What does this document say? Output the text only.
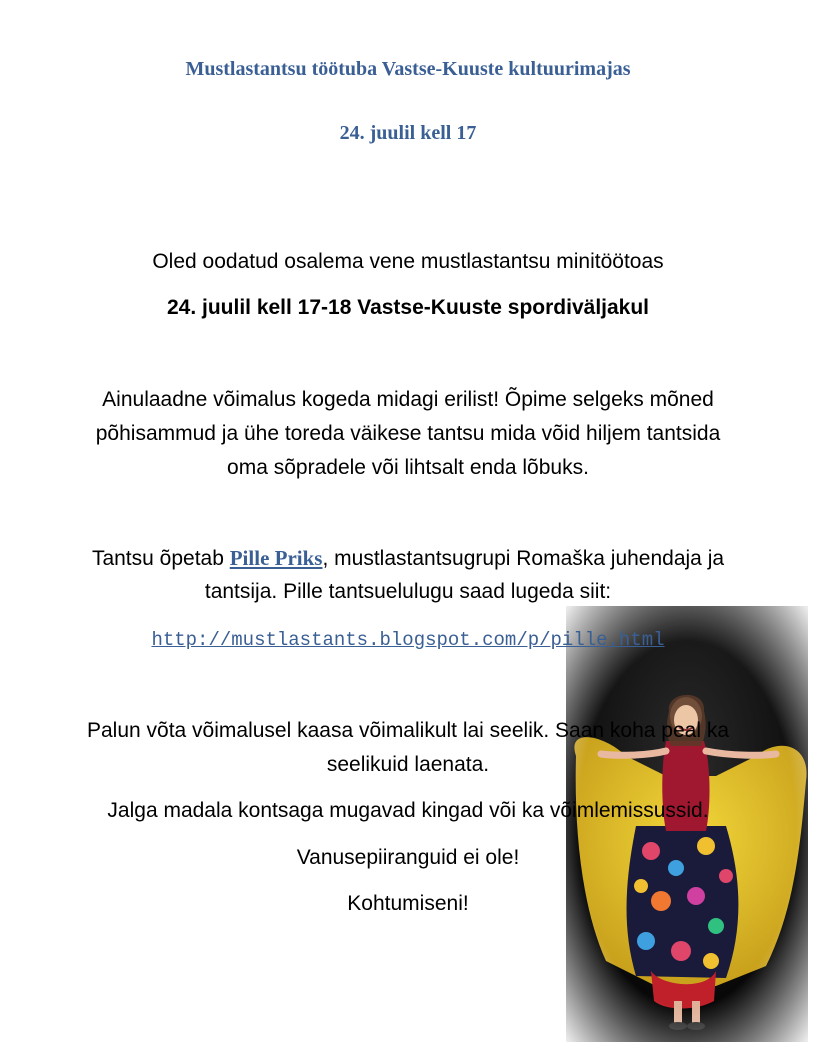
Mustlastantsu töötuba Vastse-Kuuste kultuurimajas
24. juulil kell 17
Oled oodatud osalema vene mustlastantsu minitöötoas
24. juulil kell 17-18 Vastse-Kuuste spordiväljakul
Ainulaadne võimalus kogeda midagi erilist! Õpime selgeks mõned
põhisammud ja ühe toreda väikese tantsu mida võid hiljem tantsida
oma sõpradele või lihtsalt enda lõbuks.
Tantsu õpetab Pille Priks, mustlastantsugrupi Romaška juhendaja ja
tantsija. Pille tantsuelulugu saad lugeda siit:
http://mustlastants.blogspot.com/p/pille.html
Palun võta võimalusel kaasa võimalikult lai seelik. Saan koha peal ka
seelikuid laenata.
Jalga madala kontsaga mugavad kingad või ka võimlemissussid.
Vanusepiiranguid ei ole!
Kohtumiseni!
